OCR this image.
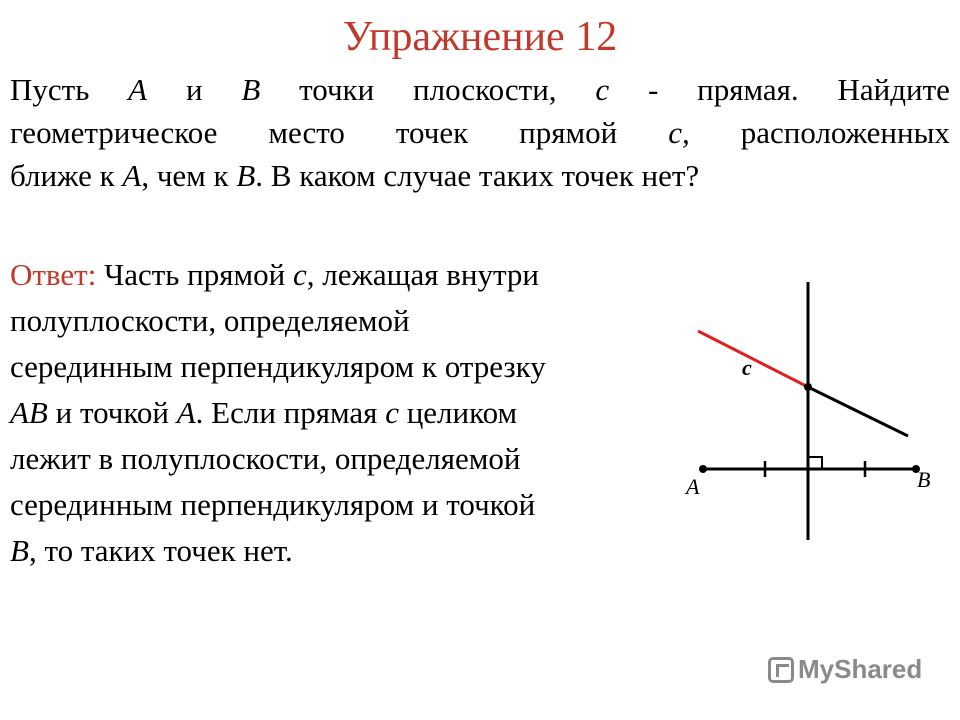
Упражнение 12
Пусть A и B точки плоскости, c - прямая. Найдите
геометрическое место точек прямой c, расположенных
ближе к A , чем к B . В каком случае таких точек нет?
Ответ: Часть прямой c, лежащая внутри
полуплоскости, определяемой
серединным перпендикуляром к отрезку
AB и точкой A. Если прямая c целиком
лежит в полуплоскости, определяемой
серединным перпендикуляром и точкой
B, то таких точек нет.
c
A	B
MyShared
